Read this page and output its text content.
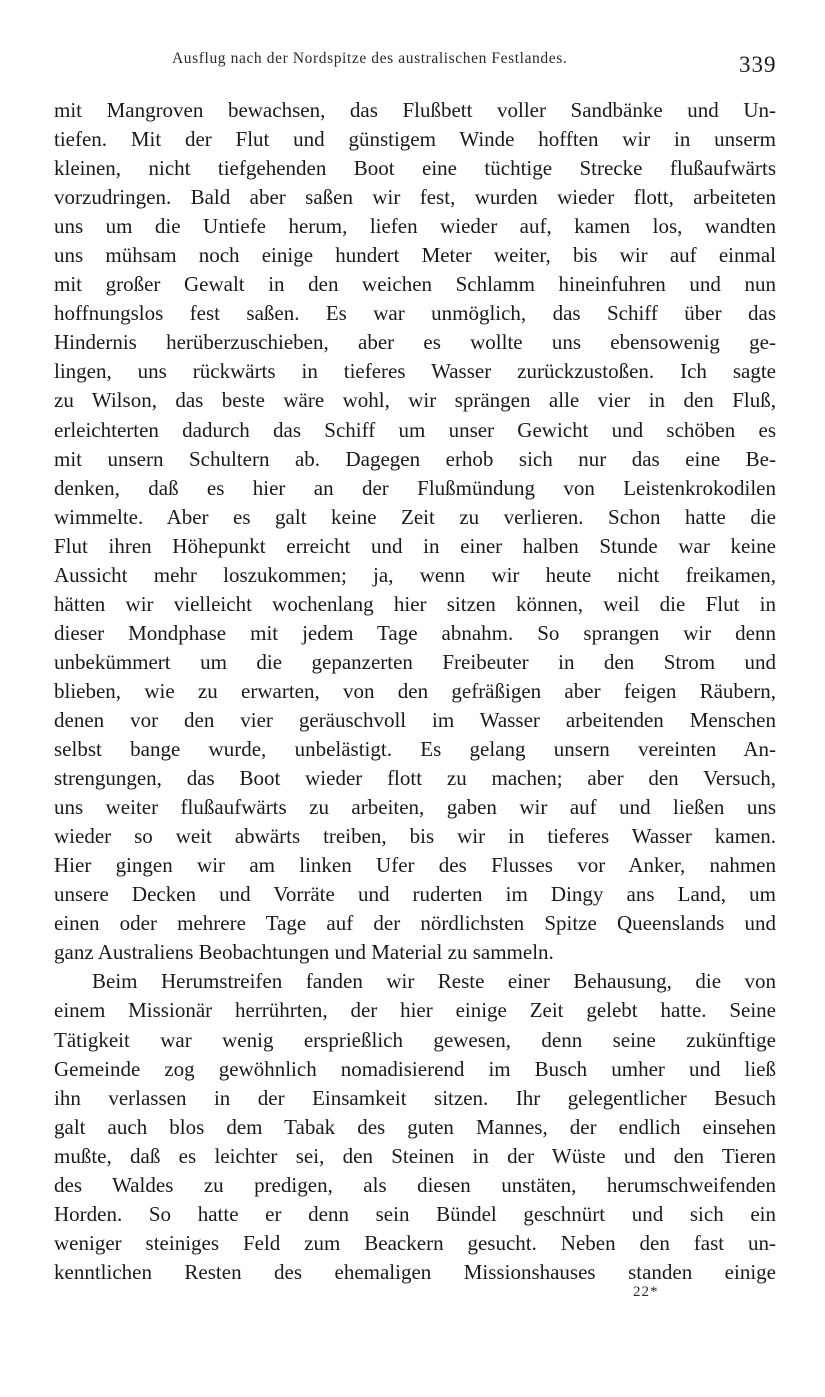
Ausflug nach der Nordspitze des australischen Festlandes.	339
mit Mangroven bewachsen, das Flußbett voller Sandbänke und Un-
tiefen. Mit der Flut und günstigem Winde hofften wir in unserm
kleinen, nicht tiefgehenden Boot eine tüchtige Strecke flußaufwärts
vorzudringen. Bald aber saßen wir fest, wurden wieder flott, arbeiteten
uns um die Untiefe herum, liefen wieder auf, kamen los, wandten
uns mühsam noch einige hundert Meter weiter, bis wir auf einmal
mit großer Gewalt in den weichen Schlamm hineinfuhren und nun
hoffnungslos fest saßen. Es war unmöglich, das Schiff über das
Hindernis herüberzuschieben, aber es wollte uns ebensowenig ge-
lingen, uns rückwärts in tieferes Wasser zurückzustoßen. Ich sagte
zu Wilson, das beste wäre wohl, wir sprängen alle vier in den Fluß,
erleichterten dadurch das Schiff um unser Gewicht und schöben es
mit unsern Schultern ab. Dagegen erhob sich nur das eine Be-
denken, daß es hier an der Flußmündung von Leistenkrokodilen
wimmelte. Aber es galt keine Zeit zu verlieren. Schon hatte die
Flut ihren Höhepunkt erreicht und in einer halben Stunde war keine
Aussicht mehr loszukommen; ja, wenn wir heute nicht freikamen,
hätten wir vielleicht wochenlang hier sitzen können, weil die Flut in
dieser Mondphase mit jedem Tage abnahm. So sprangen wir denn
unbekümmert um die gepanzerten Freibeuter in den Strom und
blieben, wie zu erwarten, von den gefräßigen aber feigen Räubern,
denen vor den vier geräuschvoll im Wasser arbeitenden Menschen
selbst bange wurde, unbelästigt. Es gelang unsern vereinten An-
strengungen, das Boot wieder flott zu machen; aber den Versuch,
uns weiter flußaufwärts zu arbeiten, gaben wir auf und ließen uns
wieder so weit abwärts treiben, bis wir in tieferes Wasser kamen.
Hier gingen wir am linken Ufer des Flusses vor Anker, nahmen
unsere Decken und Vorräte und ruderten im Dingy ans Land, um
einen oder mehrere Tage auf der nördlichsten Spitze Queenslands und
ganz Australiens Beobachtungen und Material zu sammeln.
Beim Herumstreifen fanden wir Reste einer Behausung, die von
einem Missionär herrührten, der hier einige Zeit gelebt hatte. Seine
Tätigkeit war wenig ersprießlich gewesen, denn seine zukünftige
Gemeinde zog gewöhnlich nomadisierend im Busch umher und ließ
ihn verlassen in der Einsamkeit sitzen. Ihr gelegentlicher Besuch
galt auch blos dem Tabak des guten Mannes, der endlich einsehen
mußte, daß es leichter sei, den Steinen in der Wüste und den Tieren
des Waldes zu predigen, als diesen unstäten, herumschweifenden
Horden. So hatte er denn sein Bündel geschnürt und sich ein
weniger steiniges Feld zum Beackern gesucht. Neben den fast un-
kenntlichen Resten des ehemaligen Missionshauses standen einige
22*
